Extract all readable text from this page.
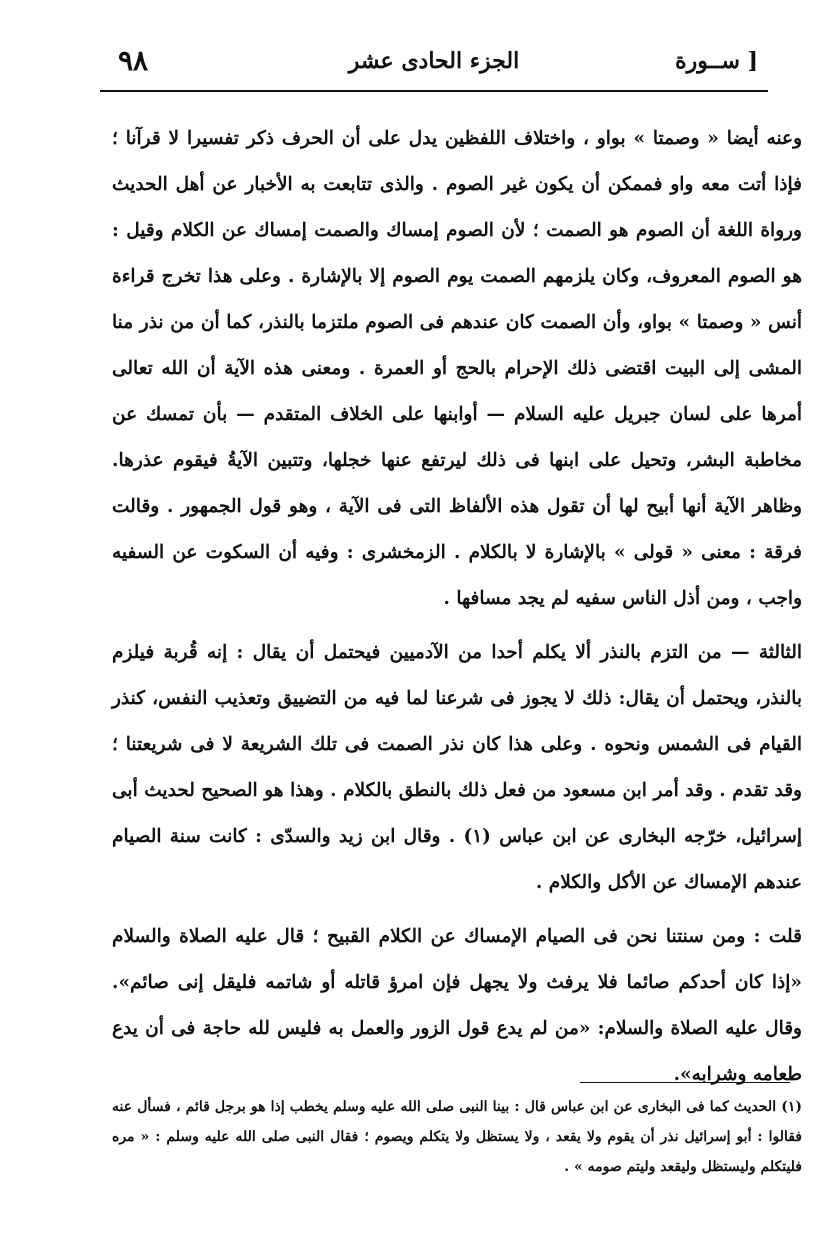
٩٨	الجزء الحادى عشر	[ ســورة

وعنه أيضا « وصمتا » بواو ، واختلاف اللفظين يدل على أن الحرف ذكر تفسيرا لا قرآنا ؛ فإذا أتت معه واو فممكن أن يكون غير الصوم . والذى تتابعت به الأخبار عن أهل الحديث ورواة اللغة أن الصوم هو الصمت ؛ لأن الصوم إمساك والصمت إمساك عن الكلام وقيل : هو الصوم المعروف، وكان يلزمهم الصمت يوم الصوم إلا بالإشارة . وعلى هذا تخرج قراءة أنس « وصمتا » بواو، وأن الصمت كان عندهم فى الصوم ملتزما بالنذر، كما أن من نذر منا المشى إلى البيت اقتضى ذلك الإحرام بالحج أو العمرة . ومعنى هذه الآية أن الله تعالى أمرها على لسان جبريل عليه السلام — أوابنها على الخلاف المتقدم — بأن تمسك عن مخاطبة البشر، وتحيل على ابنها فى ذلك ليرتفع عنها خجلها، وتتبين الآيةُ فيقوم عذرها. وظاهر الآية أنها أبيح لها أن تقول هذه الألفاظ التى فى الآية ، وهو قول الجمهور . وقالت فرقة : معنى « قولى » بالإشارة لا بالكلام . الزمخشرى : وفيه أن السكوت عن السفيه واجب ، ومن أذل الناس سفيه لم يجد مسافها .

الثالثة — من التزم بالنذر ألا يكلم أحدا من الآدميين فيحتمل أن يقال : إنه قُربة فيلزم بالنذر، ويحتمل أن يقال: ذلك لا يجوز فى شرعنا لما فيه من التضييق وتعذيب النفس، كنذر القيام فى الشمس ونحوه . وعلى هذا كان نذر الصمت فى تلك الشريعة لا فى شريعتنا ؛ وقد تقدم . وقد أمر ابن مسعود من فعل ذلك بالنطق بالكلام . وهذا هو الصحيح لحديث أبى إسرائيل، خرّجه البخارى عن ابن عباس (١) . وقال ابن زيد والسدّى : كانت سنة الصيام عندهم الإمساك عن الأكل والكلام .

قلت : ومن سنتنا نحن فى الصيام الإمساك عن الكلام القبيح ؛ قال عليه الصلاة والسلام «إذا كان أحدكم صائما فلا يرفث ولا يجهل فإن امرؤ قاتله أو شاتمه فليقل إنى صائم». وقال عليه الصلاة والسلام: «من لم يدع قول الزور والعمل به فليس لله حاجة فى أن يدع طعامه وشرابه».

(١) الحديث كما فى البخارى عن ابن عباس قال : بينا النبى صلى الله عليه وسلم يخطب إذا هو برجل قائم ، فسأل عنه فقالوا : أبو إسرائيل نذر أن يقوم ولا يقعد ، ولا يستظل ولا يتكلم ويصوم ؛ فقال النبى صلى الله عليه وسلم : « مره فليتكلم وليستظل وليقعد وليتم صومه » .
